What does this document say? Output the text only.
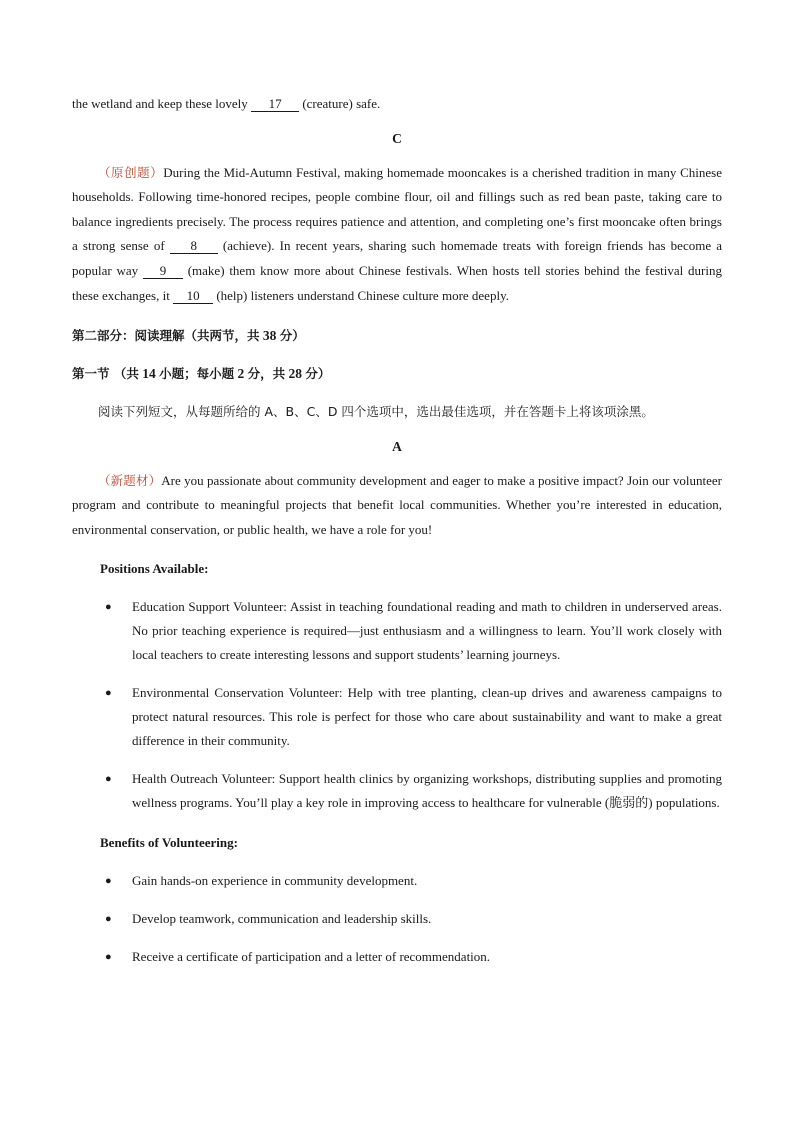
the wetland and keep these lovely 17 (creature) safe.

C

（原创题）During the Mid-Autumn Festival, making homemade mooncakes is a cherished tradition in many Chinese households. Following time-honored recipes, people combine flour, oil and fillings such as red bean paste, taking care to balance ingredients precisely. The process requires patience and attention, and completing one’s first mooncake often brings a strong sense of 8 (achieve). In recent years, sharing such homemade treats with foreign friends has become a popular way 9 (make) them know more about Chinese festivals. When hosts tell stories behind the festival during these exchanges, it 10 (help) listeners understand Chinese culture more deeply.

第二部分：阅读理解（共两节，共 38 分）

第一节 （共 14 小题；每小题 2 分，共 28 分）

阅读下列短文，从每题所给的 A、B、C、D 四个选项中，选出最佳选项，并在答题卡上将该项涂黑。

A

（新题材）Are you passionate about community development and eager to make a positive impact? Join our volunteer program and contribute to meaningful projects that benefit local communities. Whether you’re interested in education, environmental conservation, or public health, we have a role for you!

Positions Available:

● Education Support Volunteer: Assist in teaching foundational reading and math to children in underserved areas. No prior teaching experience is required—just enthusiasm and a willingness to learn. You’ll work closely with local teachers to create interesting lessons and support students’ learning journeys.
● Environmental Conservation Volunteer: Help with tree planting, clean-up drives and awareness campaigns to protect natural resources. This role is perfect for those who care about sustainability and want to make a great difference in their community.
● Health Outreach Volunteer: Support health clinics by organizing workshops, distributing supplies and promoting wellness programs. You’ll play a key role in improving access to healthcare for vulnerable (脆弱的) populations.

Benefits of Volunteering:

● Gain hands-on experience in community development.
● Develop teamwork, communication and leadership skills.
● Receive a certificate of participation and a letter of recommendation.
